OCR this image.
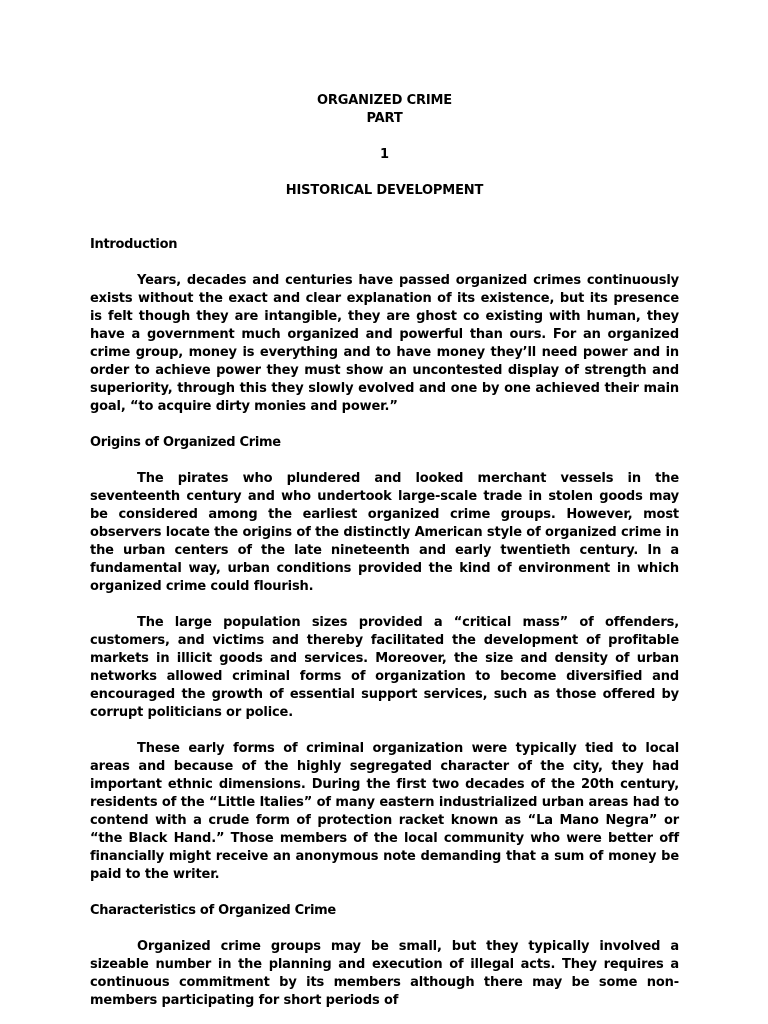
ORGANIZED CRIME
PART
1
HISTORICAL DEVELOPMENT
Introduction

Years, decades and centuries have passed organized crimes continuously exists without the exact and clear explanation of its existence, but its presence is felt though they are intangible, they are ghost co existing with human, they have a government much organized and powerful than ours. For an organized crime group, money is everything and to have money they’ll need power and in order to achieve power they must show an uncontested display of strength and superiority, through this they slowly evolved and one by one achieved their main goal, “to acquire dirty monies and power.”

Origins of Organized Crime

The pirates who plundered and looked merchant vessels in the seventeenth century and who undertook large-scale trade in stolen goods may be considered among the earliest organized crime groups. However, most observers locate the origins of the distinctly American style of organized crime in the urban centers of the late nineteenth and early twentieth century. In a fundamental way, urban conditions provided the kind of environment in which organized crime could flourish.

The large population sizes provided a “critical mass” of offenders, customers, and victims and thereby facilitated the development of profitable markets in illicit goods and services. Moreover, the size and density of urban networks allowed criminal forms of organization to become diversified and encouraged the growth of essential support services, such as those offered by corrupt politicians or police.

These early forms of criminal organization were typically tied to local areas and because of the highly segregated character of the city, they had important ethnic dimensions. During the first two decades of the 20th century, residents of the “Little Italies” of many eastern industrialized urban areas had to contend with a crude form of protection racket known as “La Mano Negra” or “the Black Hand.” Those members of the local community who were better off financially might receive an anonymous note demanding that a sum of money be paid to the writer.

Characteristics of Organized Crime

Organized crime groups may be small, but they typically involved a sizeable number in the planning and execution of illegal acts. They requires a continuous commitment by its members although there may be some non-members participating for short periods of
